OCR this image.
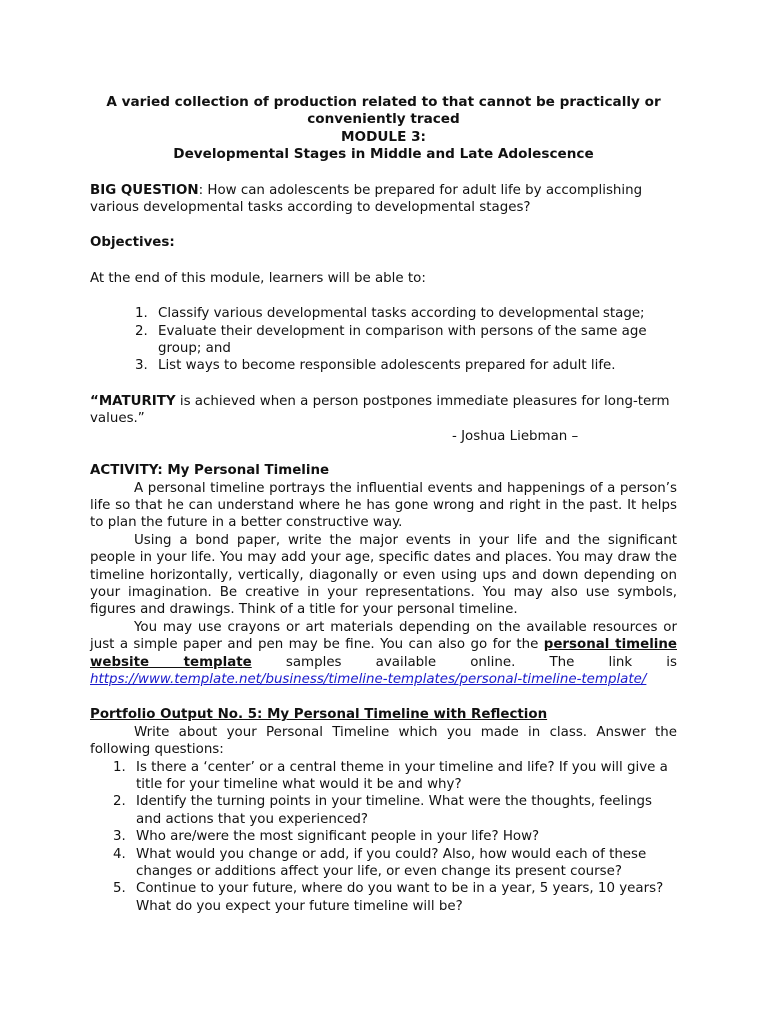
A varied collection of production related to that cannot be practically or

conveniently traced

MODULE 3:

Developmental Stages in Middle and Late Adolescence

BIG QUESTION: How can adolescents be prepared for adult life by accomplishing various developmental tasks according to developmental stages?
Objectives:
At the end of this module, learners will be able to:
1. Classify various developmental tasks according to developmental stage;
2. Evaluate their development in comparison with persons of the same age group; and
3. List ways to become responsible adolescents prepared for adult life.
“MATURITY is achieved when a person postpones immediate pleasures for long-term values.”
- Joshua Liebman –
ACTIVITY: My Personal Timeline

A personal timeline portrays the influential events and happenings of a person’s life so that he can understand where he has gone wrong and right in the past. It helps to plan the future in a better constructive way.

Using a bond paper, write the major events in your life and the significant people in your life. You may add your age, specific dates and places. You may draw the timeline horizontally, vertically, diagonally or even using ups and down depending on your imagination. Be creative in your representations. You may also use symbols, figures and drawings. Think of a title for your personal timeline.

You may use crayons or art materials depending on the available resources or just a simple paper and pen may be fine. You can also go for the personal timeline website template samples available online. The link is https://www.template.net/business/timeline-templates/personal-timeline-template/

Portfolio Output No. 5: My Personal Timeline with Reflection

Write about your Personal Timeline which you made in class. Answer the following questions:

1. Is there a ‘center’ or a central theme in your timeline and life? If you will give a title for your timeline what would it be and why?
2. Identify the turning points in your timeline. What were the thoughts, feelings and actions that you experienced?
3. Who are/were the most significant people in your life? How?
4. What would you change or add, if you could? Also, how would each of these changes or additions affect your life, or even change its present course?
5. Continue to your future, where do you want to be in a year, 5 years, 10 years? What do you expect your future timeline will be?
